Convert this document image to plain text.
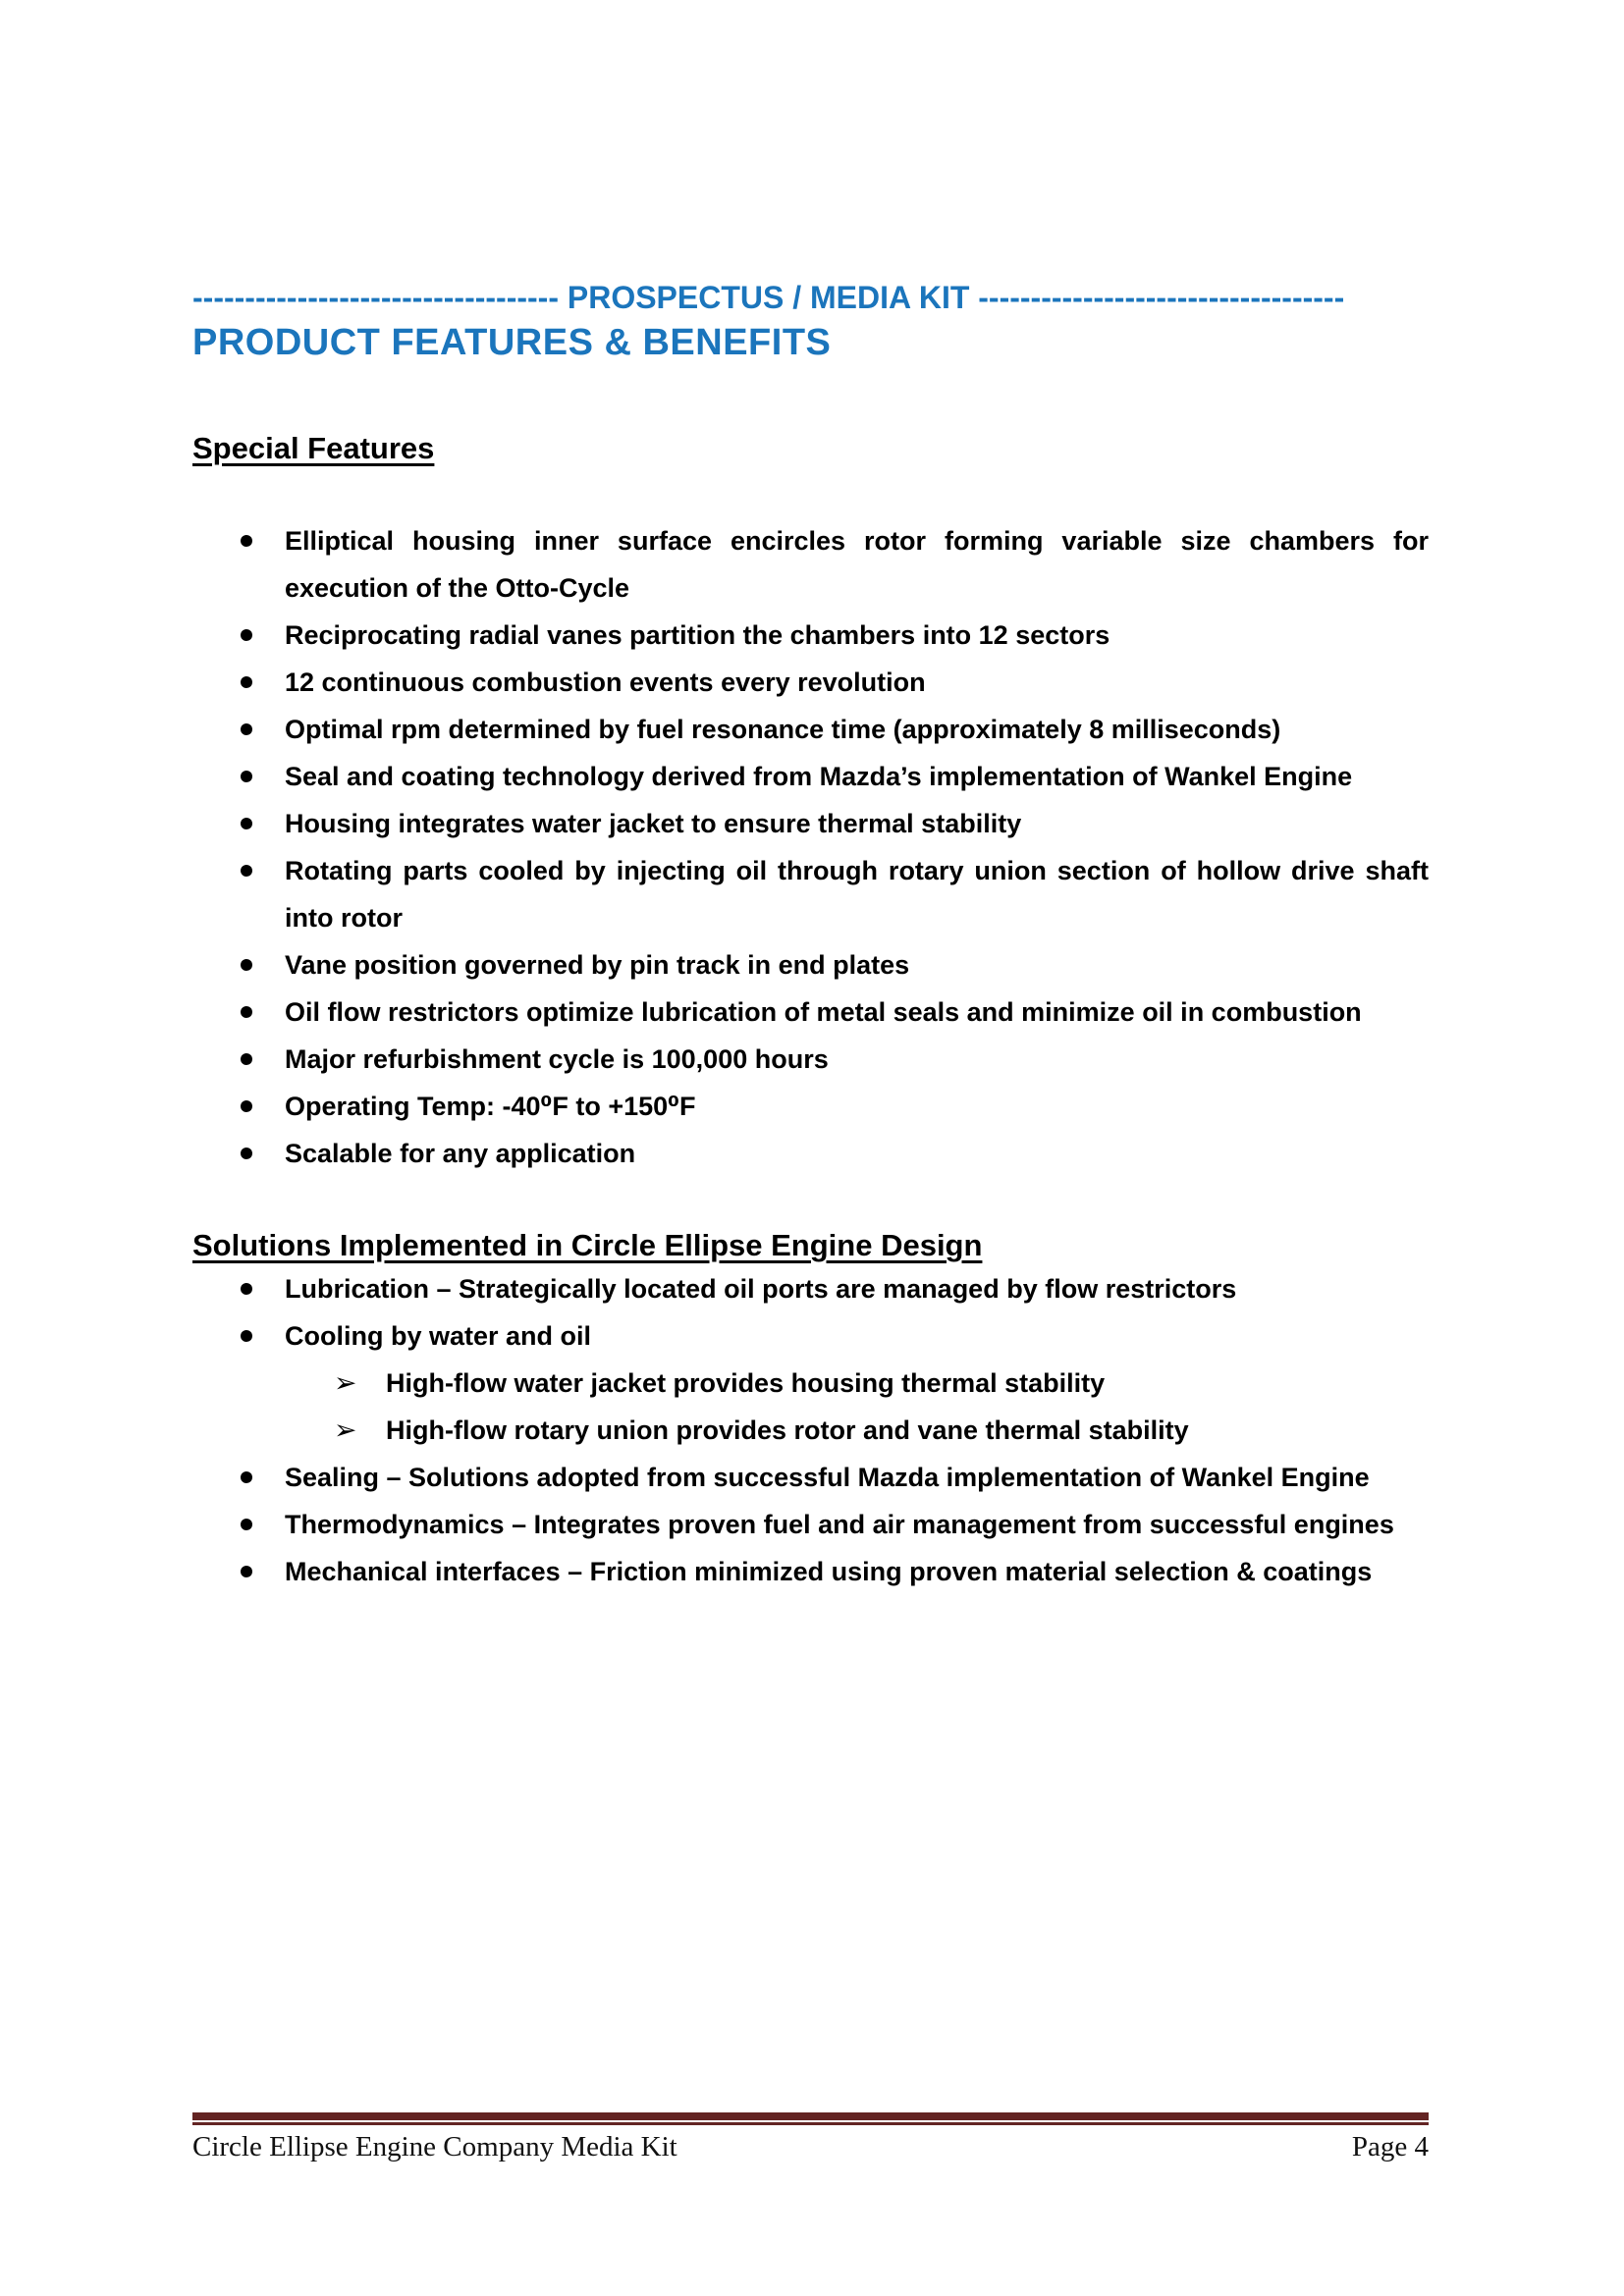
----------------------------------- PROSPECTUS / MEDIA KIT -----------------------------------
PRODUCT FEATURES & BENEFITS
Special Features
Elliptical housing inner surface encircles rotor forming variable size chambers for execution of the Otto-Cycle
Reciprocating radial vanes partition the chambers into 12 sectors
12 continuous combustion events every revolution
Optimal rpm determined by fuel resonance time (approximately 8 milliseconds)
Seal and coating technology derived from Mazda’s implementation of Wankel Engine
Housing integrates water jacket to ensure thermal stability
Rotating parts cooled by injecting oil through rotary union section of hollow drive shaft into rotor
Vane position governed by pin track in end plates
Oil flow restrictors optimize lubrication of metal seals and minimize oil in combustion
Major refurbishment cycle is 100,000 hours
Operating Temp: -40⁰F to +150⁰F
Scalable for any application
Solutions Implemented in Circle Ellipse Engine Design
Lubrication – Strategically located oil ports are managed by flow restrictors
Cooling by water and oil
➢ High-flow water jacket provides housing thermal stability
➢ High-flow rotary union provides rotor and vane thermal stability
Sealing – Solutions adopted from successful Mazda implementation of Wankel Engine
Thermodynamics – Integrates proven fuel and air management from successful engines
Mechanical interfaces – Friction minimized using proven material selection & coatings
Circle Ellipse Engine Company Media Kit	Page 4
